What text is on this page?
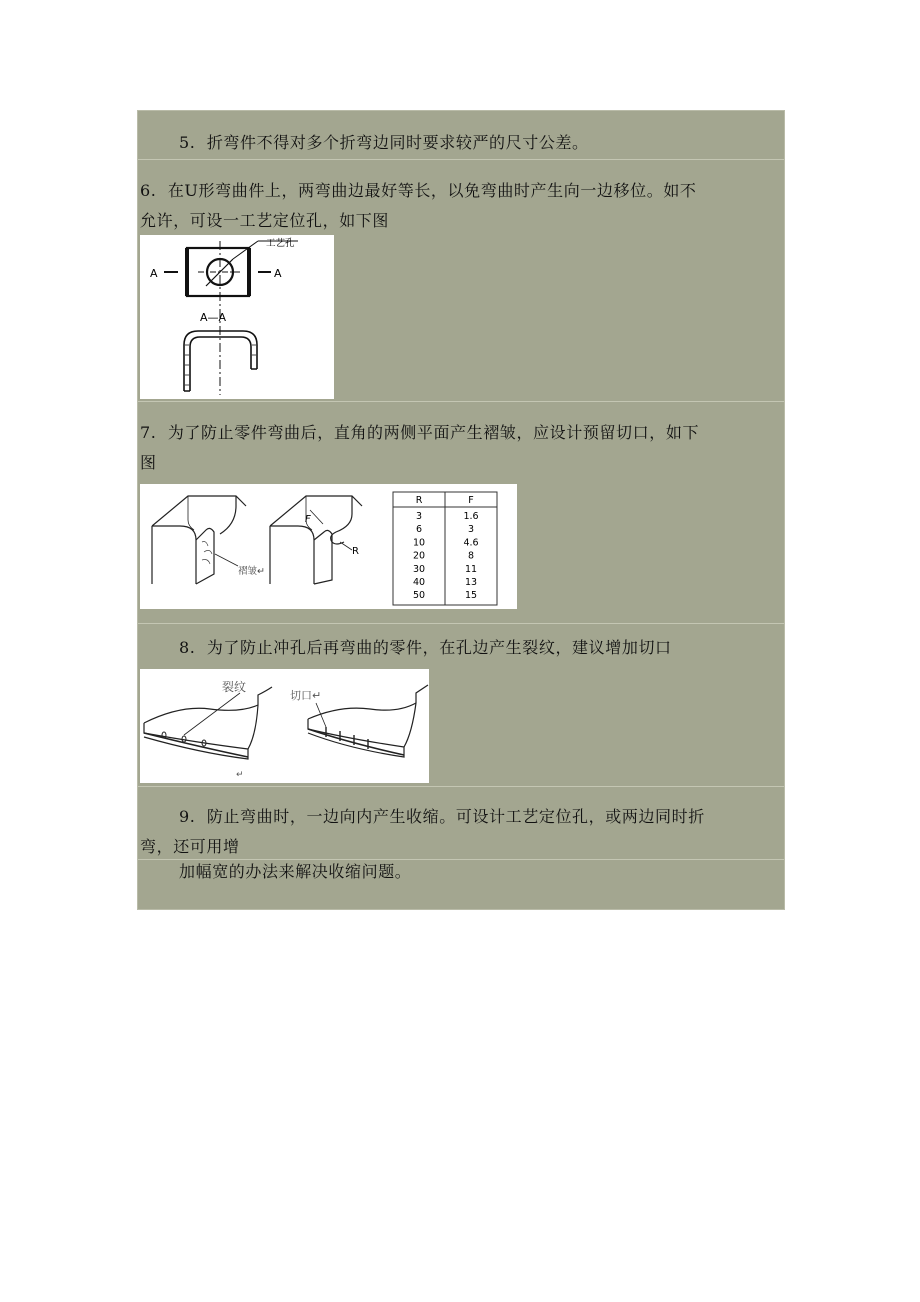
5.  折弯件不得对多个折弯边同时要求较严的尺寸公差。

6.  在U形弯曲件上，两弯曲边最好等长，以免弯曲时产生向一边移位。如不

允许，可设一工艺定位孔，如下图

工艺孔
A	A
A—A

7.  为了防止零件弯曲后，直角的两侧平面产生褶皱，应设计预留切口，如下

图

褶皱↵
F
R
R	F
3	1.6
6	3
10	4.6
20	8
30	11
40	13
50	15

8.  为了防止冲孔后再弯曲的零件，在孔边产生裂纹，建议增加切口

裂纹
↵
切口↵

9.  防止弯曲时，一边向内产生收缩。可设计工艺定位孔，或两边同时折

弯，还可用增

加幅宽的办法来解决收缩问题。
